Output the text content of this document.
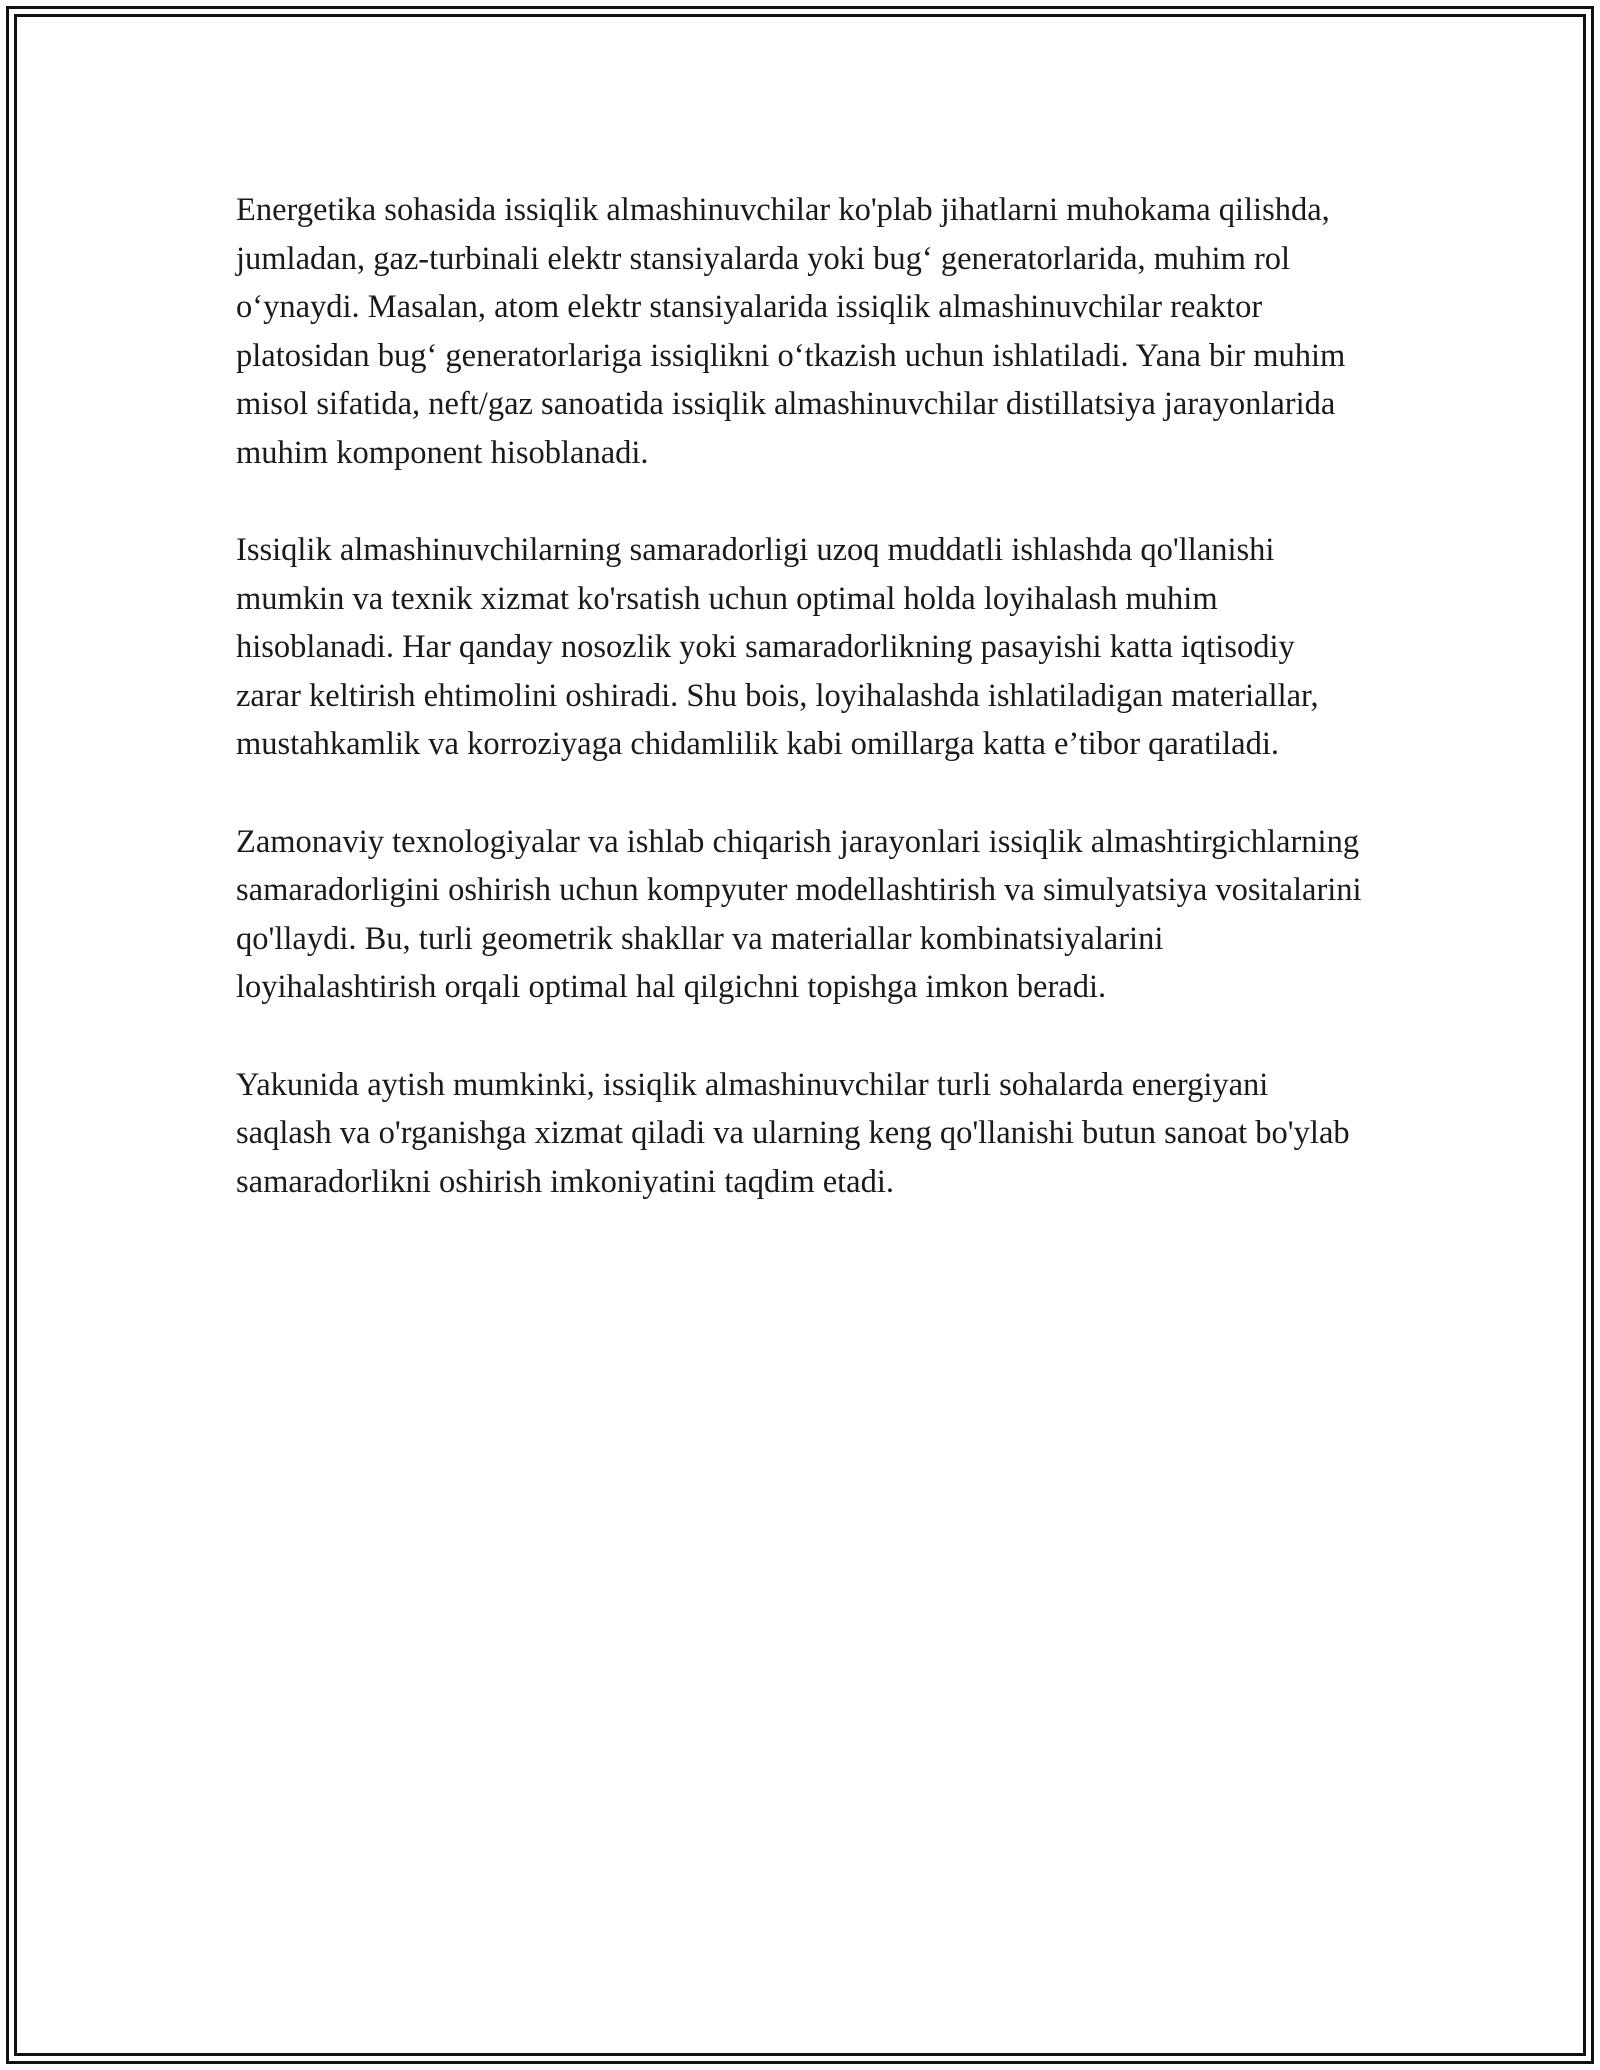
Energetika sohasida issiqlik almashinuvchilar ko'plab jihatlarni muhokama qilishda, jumladan, gaz-turbinali elektr stansiyalarda yoki bug‘ generatorlarida, muhim rol o‘ynaydi. Masalan, atom elektr stansiyalarida issiqlik almashinuvchilar reaktor platosidan bug‘ generatorlariga issiqlikni o‘tkazish uchun ishlatiladi. Yana bir muhim misol sifatida, neft/gaz sanoatida issiqlik almashinuvchilar distillatsiya jarayonlarida muhim komponent hisoblanadi.

Issiqlik almashinuvchilarning samaradorligi uzoq muddatli ishlashda qo'llanishi mumkin va texnik xizmat ko'rsatish uchun optimal holda loyihalash muhim hisoblanadi. Har qanday nosozlik yoki samaradorlikning pasayishi katta iqtisodiy zarar keltirish ehtimolini oshiradi. Shu bois, loyihalashda ishlatiladigan materiallar, mustahkamlik va korroziyaga chidamlilik kabi omillarga katta e’tibor qaratiladi.

Zamonaviy texnologiyalar va ishlab chiqarish jarayonlari issiqlik almashtirgichlarning samaradorligini oshirish uchun kompyuter modellashtirish va simulyatsiya vositalarini qo'llaydi. Bu, turli geometrik shakllar va materiallar kombinatsiyalarini loyihalashtirish orqali optimal hal qilgichni topishga imkon beradi.

Yakunida aytish mumkinki, issiqlik almashinuvchilar turli sohalarda energiyani saqlash va o'rganishga xizmat qiladi va ularning keng qo'llanishi butun sanoat bo'ylab samaradorlikni oshirish imkoniyatini taqdim etadi.
